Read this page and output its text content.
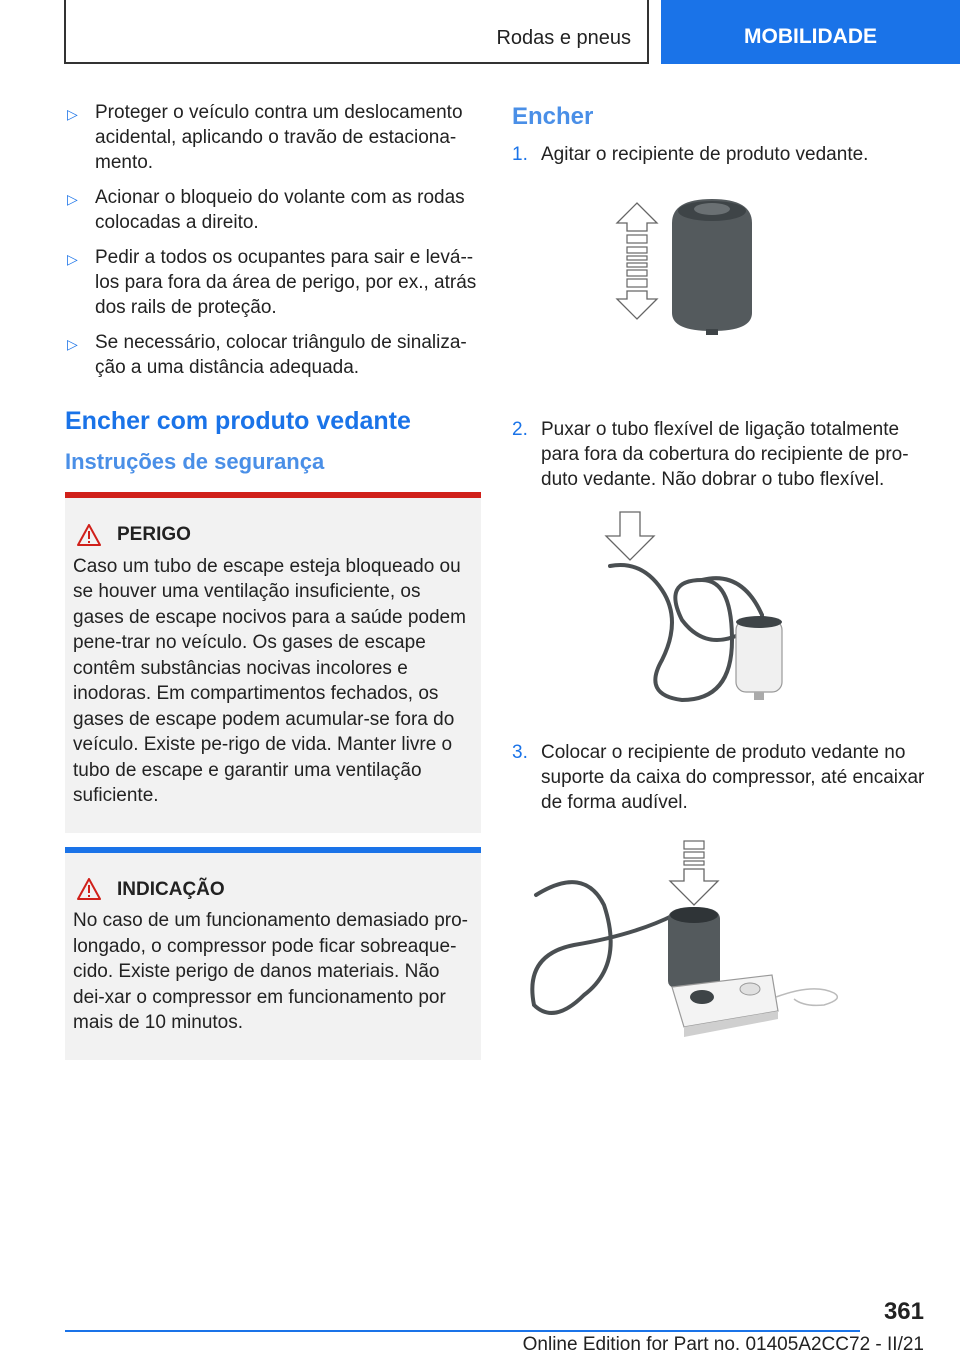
Rodas e pneus	MOBILIDADE
▷ Proteger o veículo contra um deslocamento acidental, aplicando o travão de estaciona-mento.
▷ Acionar o bloqueio do volante com as rodas colocadas a direito.
▷ Pedir a todos os ocupantes para sair e levá--los para fora da área de perigo, por ex., atrás dos rails de proteção.
▷ Se necessário, colocar triângulo de sinaliza-ção a uma distância adequada.
Encher com produto vedante
Instruções de segurança
PERIGO
Caso um tubo de escape esteja bloqueado ou se houver uma ventilação insuficiente, os gases de escape nocivos para a saúde podem pene-trar no veículo. Os gases de escape contêm substâncias nocivas incolores e inodoras. Em compartimentos fechados, os gases de escape podem acumular-se fora do veículo. Existe pe-rigo de vida. Manter livre o tubo de escape e garantir uma ventilação suficiente.
INDICAÇÃO
No caso de um funcionamento demasiado pro-longado, o compressor pode ficar sobreaque-cido. Existe perigo de danos materiais. Não dei-xar o compressor em funcionamento por mais de 10 minutos.
Encher
1. Agitar o recipiente de produto vedante.
2. Puxar o tubo flexível de ligação totalmente para fora da cobertura do recipiente de pro-duto vedante. Não dobrar o tubo flexível.
3. Colocar o recipiente de produto vedante no suporte da caixa do compressor, até encaixar de forma audível.
361
Online Edition for Part no. 01405A2CC72 - II/21
